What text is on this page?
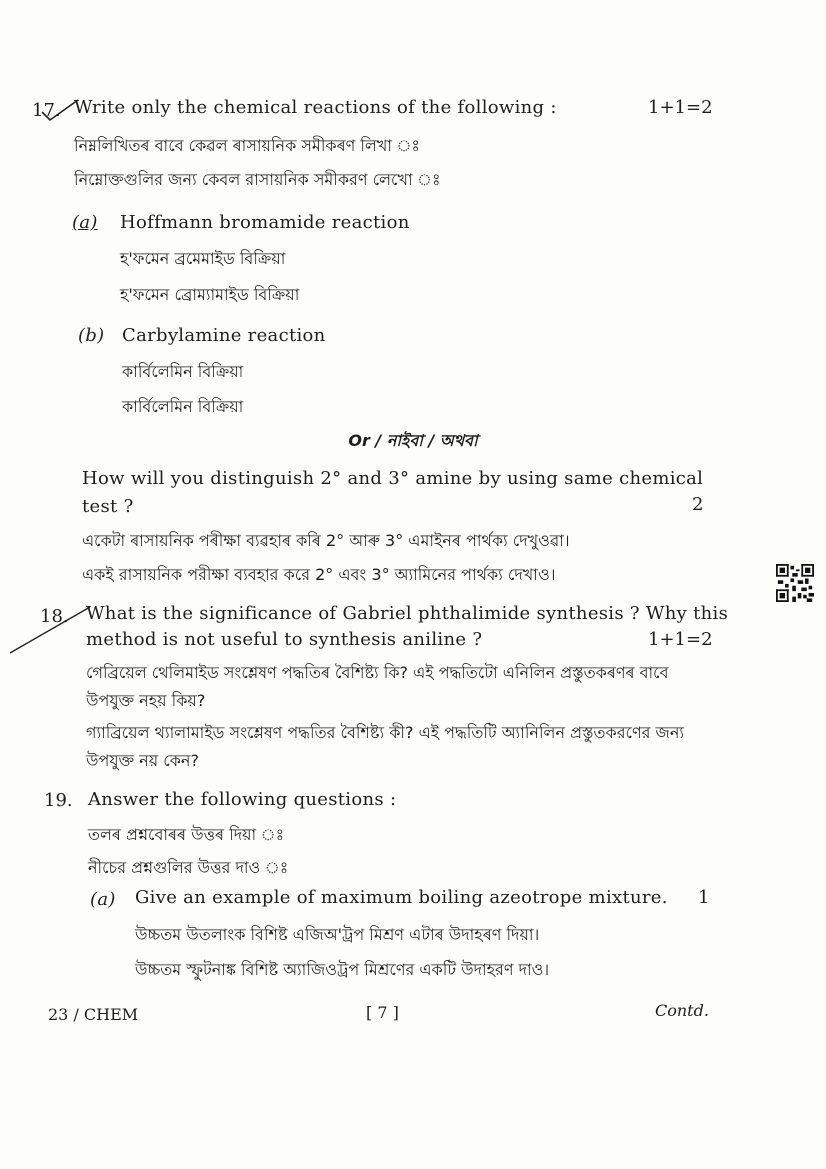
17. Write only the chemical reactions of the following :	1+1=2
নিম্নলিখিতৰ বাবে কেৱল ৰাসায়নিক সমীকৰণ লিখা ঃ
নিম্নোক্তগুলির জন্য কেবল রাসায়নিক সমীকরণ লেখো ঃ
(a) Hoffmann bromamide reaction
হ'ফমেন ব্ৰমেমাইড বিক্ৰিয়া
হ'ফমেন ব্রোম্যামাইড বিক্রিয়া
(b) Carbylamine reaction
কাৰ্বিলেমিন বিক্ৰিয়া
কার্বিলেমিন বিক্রিয়া
Or / নাইবা / অথবা
How will you distinguish 2° and 3° amine by using same chemical
test ?	2
একেটা ৰাসায়নিক পৰীক্ষা ব্যৱহাৰ কৰি 2° আৰু 3° এমাইনৰ পাৰ্থক্য দেখুওৱা।
একই রাসায়নিক পরীক্ষা ব্যবহার করে 2° এবং 3° অ্যামিনের পার্থক্য দেখাও।
18. What is the significance of Gabriel phthalimide synthesis ? Why this
method is not useful to synthesis aniline ?	1+1=2
গেব্ৰিয়েল থেলিমাইড সংশ্লেষণ পদ্ধতিৰ বৈশিষ্ট্য কি? এই পদ্ধতিটো এনিলিন প্ৰস্তুতকৰণৰ বাবে
উপযুক্ত নহয় কিয়?
গ্যাব্রিয়েল থ্যালামাইড সংশ্লেষণ পদ্ধতির বৈশিষ্ট্য কী? এই পদ্ধতিটি অ্যানিলিন প্রস্তুতকরণের জন্য
উপযুক্ত নয় কেন?
19. Answer the following questions :
তলৰ প্ৰশ্নবোৰৰ উত্তৰ দিয়া ঃ
নীচের প্রশ্নগুলির উত্তর দাও ঃ
(a) Give an example of maximum boiling azeotrope mixture. 1
উচ্চতম উতলাংক বিশিষ্ট এজিঅ'ট্ৰপ মিশ্ৰণ এটাৰ উদাহৰণ দিয়া।
উচ্চতম স্ফুটনাঙ্ক বিশিষ্ট অ্যাজিওট্রপ মিশ্রণের একটি উদাহরণ দাও।
23 / CHEM	[ 7 ]	Contd.
